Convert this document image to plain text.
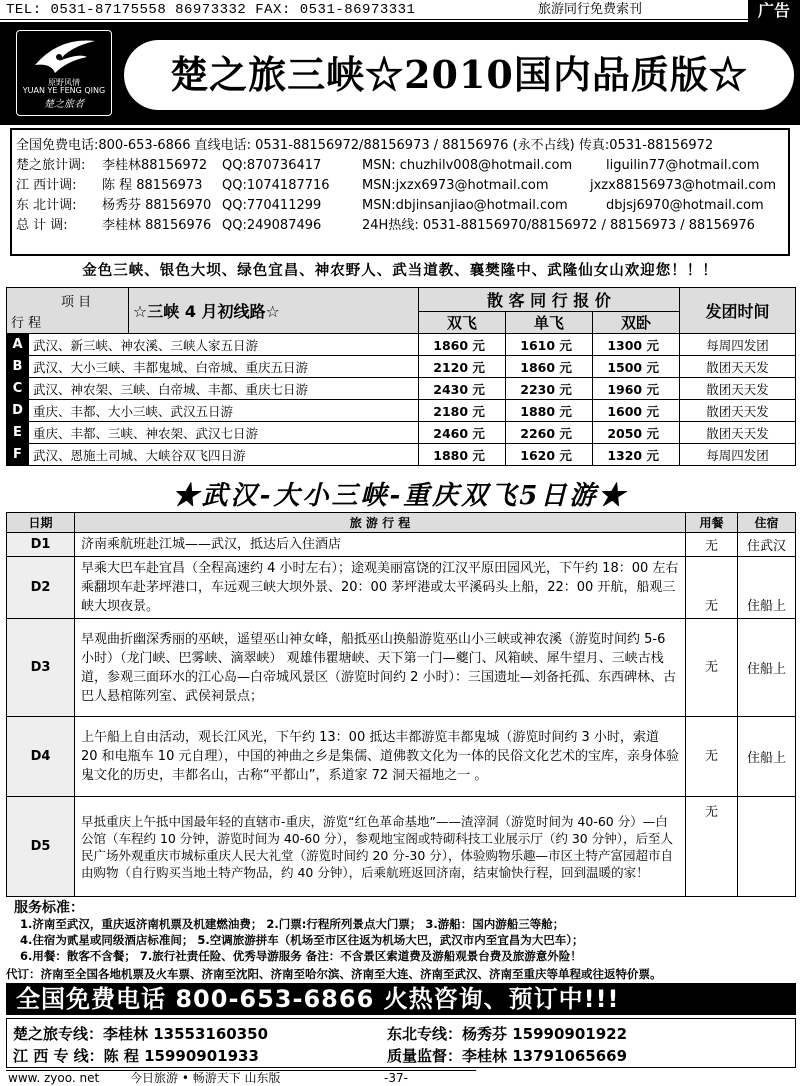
TEL: 0531-87175558 86973332 FAX: 0531-86973331	旅游同行免费索刊	广告
原野风情
YUAN YE FENG QING
楚之旅者
楚之旅三峡☆2010国内品质版☆
全国免费电话:800-653-6866 直线电话: 0531-88156972/88156973 / 88156976 (永不占线) 传真:0531-88156972
楚之旅计调: 李桂林88156972 QQ:870736417	MSN: chuzhilv008@hotmail.com	liguilin77@hotmail.com
江 西计调: 陈 程 88156973 QQ:1074187716 MSN:jxzx6973@hotmail.com	jxzx88156973@hotmail.com
东 北计调: 杨秀芬 88156970 QQ:770411299	MSN:dbjinsanjiao@hotmail.com	dbjsj6970@hotmail.com
总 计 调:	李桂林 88156976 QQ:249087496	24H热线: 0531-88156970/88156972 / 88156973 / 88156976
金色三峡、银色大坝、绿色宜昌、神农野人、武当道教、襄樊隆中、武隆仙女山欢迎您！！！
项 目
行 程		☆三峡 4 月初线路☆	散 客 同 行 报 价			发团时间
			双飞	单飞	双卧	
A	武汉、新三峡、神农溪、三峡人家五日游		1860 元	1610 元	1300 元	每周四发团
B	武汉、大小三峡、丰都鬼城、白帝城、重庆五日游		2120 元	1860 元	1500 元	散团天天发
C	武汉、神农架、三峡、白帝城、丰都、重庆七日游		2430 元	2230 元	1960 元	散团天天发
D	重庆、丰都、大小三峡、武汉五日游		2180 元	1880 元	1600 元	散团天天发
E	重庆、丰都、三峡、神农架、武汉七日游		2460 元	2260 元	2050 元	散团天天发
F	武汉、恩施土司城、大峡谷双飞四日游		1880 元	1620 元	1320 元	每周四发团
★武汉-大小三峡-重庆双飞5日游★
日期	旅 游 行 程	用餐	住宿
D1	济南乘航班赴江城——武汉，抵达后入住酒店	无	住武汉
D2	早乘大巴车赴宜昌（全程高速约 4 小时左右）；途观美丽富饶的江汉平原田园风光，下午约 18：00 左右乘翻坝车赴茅坪港口，车远观三峡大坝外景、20：00 茅坪港或太平溪码头上船，22：00 开航，船观三峡大坝夜景。	无	住船上
D3	早观曲折幽深秀丽的巫峡，遥望巫山神女峰，船抵巫山换船游览巫山小三峡或神农溪（游览时间约 5-6 小时）（龙门峡、巴雾峡、滴翠峡） 观雄伟瞿塘峡、天下第一门—夔门、风箱峡、犀牛望月、三峡古栈道，参观三面环水的江心岛—白帝城风景区（游览时间约 2 小时）：三国遗址—刘备托孤、东西碑林、古巴人悬棺陈列室、武侯祠景点；	无	住船上
D4	上午船上自由活动，观长江风光，下午约 13：00 抵达丰都游览丰都鬼城（游览时间约 3 小时，索道 20 和电瓶车 10 元自理），中国的神曲之乡是集儒、道佛教文化为一体的民俗文化艺术的宝库，亲身体验鬼文化的历史，丰都名山，古称“平都山”，系道家 72 洞天福地之一 。	无	住船上
D5	早抵重庆上午抵中国最年轻的直辖市-重庆，游览“红色革命基地”——渣滓洞（游览时间为 40-60 分）—白公馆（车程约 10 分钟，游览时间为 40-60 分），参观地宝阁或特砌科技工业展示厅（约 30 分钟），后至人民广场外观重庆市城标重庆人民大礼堂（游览时间约 20 分-30 分），体验购物乐趣—市区土特产富园超市自由购物（自行购买当地土特产物品，约 40 分钟），后乘航班返回济南，结束愉快行程，回到温暖的家！	无	
服务标准：
1.济南至武汉，重庆返济南机票及机建燃油费； 2.门票:行程所列景点大门票； 3.游船：国内游船三等舱；
4.住宿为贰星或同级酒店标准间； 5.空调旅游拼车（机场至市区往返为机场大巴，武汉市内至宜昌为大巴车）；
6.用餐：散客不含餐； 7.旅行社责任险、优秀导游服务 备注：不含景区索道费及游船观景台费及旅游意外险！
代订：济南至全国各地机票及火车票、济南至沈阳、济南至哈尔滨、济南至大连、济南至武汉、济南至重庆等单程或往返特价票。
全国免费电话 800-653-6866 火热咨询、预订中!!!
楚之旅专线：李桂林 13553160350	东北专线：杨秀芬 15990901922
江 西 专 线：陈 程 15990901933	质量监督：李桂林 13791065669
www. zyoo. net	今日旅游 • 畅游天下 山东版	-37-
